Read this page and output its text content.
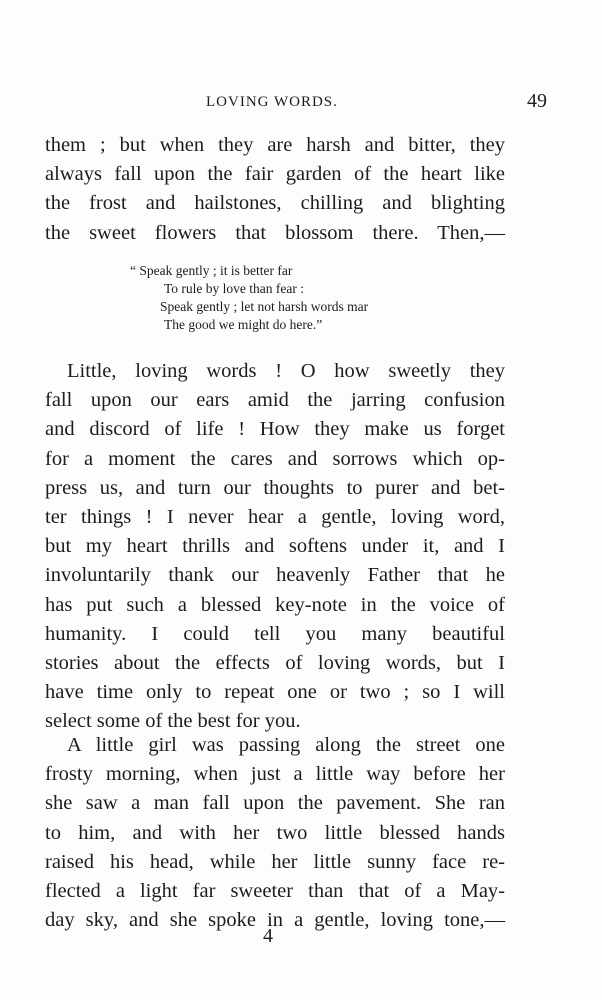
LOVING WORDS.	49
them ; but when they are harsh and bitter, they
always fall upon the fair garden of the heart like
the frost and hailstones, chilling and blighting
the sweet flowers that blossom there. Then,—
“ Speak gently ; it is better far
To rule by love than fear :
Speak gently ; let not harsh words mar
The good we might do here.”
Little, loving words ! O how sweetly they
fall upon our ears amid the jarring confusion
and discord of life ! How they make us forget
for a moment the cares and sorrows which op-
press us, and turn our thoughts to purer and bet-
ter things ! I never hear a gentle, loving word,
but my heart thrills and softens under it, and I
involuntarily thank our heavenly Father that he
has put such a blessed key-note in the voice of
humanity. I could tell you many beautiful
stories about the effects of loving words, but I
have time only to repeat one or two ; so I will
select some of the best for you.
A little girl was passing along the street one
frosty morning, when just a little way before her
she saw a man fall upon the pavement. She ran
to him, and with her two little blessed hands
raised his head, while her little sunny face re-
flected a light far sweeter than that of a May-
day sky, and she spoke in a gentle, loving tone,—
4
